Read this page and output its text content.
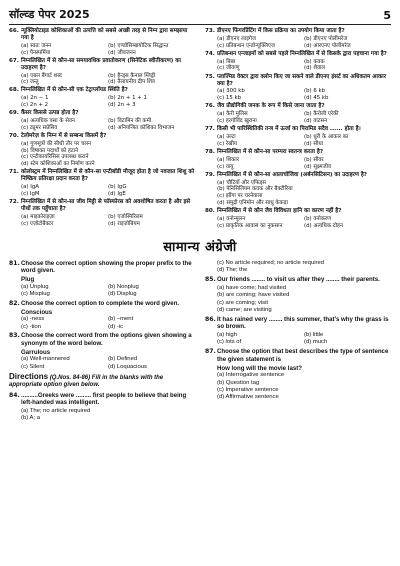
सॉल्व्ड पेपर 2025	5
66. न्यूक्लियोटाइड कोशिकाओं की उत्पत्ति को सबसे अच्छी तरह से निम्न द्वारा समझाया गया है
(a) स्वतः जनन	(b) एण्डोसिम्बायोटिक सिद्धान्त
(c) पैनस्पर्मिया	(d) जीवजनन
67. निम्नलिखित में से कौन-सा समयावधिक प्रवातोकरण (सिनेटिक स्वीतीकरण) का उदाहरण है?
(a) एबल बैंगार्ट शब्द	(b) हैन्ड्स कैनाल ग्लिड्री
(c) जन्तु	(d) तैलायनीय द्रीप शिव
68. निम्नलिखित में से कौन-सी एक टेट्राप्लॉयड स्थिति है?
(a) 2n − 1	(b) 2n + 1 + 1
(c) 2n + 2	(d) 2n + 3
69. कैंसर किससे उत्पन्न होता है?
(a) अत्यधिक वसा के सेवन	(b) विटामिन की कमी
(c) ट्यूमर सप्रेसिव	(d) अनियन्त्रित कोशिका विभाजन
70. टेलोमरेज़ के निम्न में से सम्बन्ध किसमें है?
(a) गुणसूत्रों की सीधी तौर पर चलन
(b) विषाक्त पदार्थों को हटाने
(c) एन्टीकायरिसिस उपलब्ध कराने
(d) स्टेम कोशिकाओं का निर्माण करने
71. कोलोस्ट्रम में निम्नलिखित में से कौन-सा एन्टीबॉडी मौजूद होता है जो नवजात शिशु को निष्क्रिय प्रतिरक्षा प्रदान करता है?
(a) IgA	(b) IgG
(c) IgM	(d) IgE
72. निम्नलिखित में से कौन-सा जीव मिट्टी से फॉस्फोरस को अवशोषित करता है और इसे पौधों तक पहुँचाता है?
(a) माइकोराइज़ा	(b) एजोस्पिरिलम
(c) एज़ोटोबैक्टर	(d) राइज़ोबियम
73. डीएनए फिंगरप्रिंटिंग में किस प्रक्रिया का उपयोग किया जाता है?
(a) डीएनए लाइगेज	(b) डीएनए पोलीमरेज
(c) प्रतिबन्धन एन्डोन्यूक्लिएज	(d) आरएनए पोलीमरेज
74. प्रतिबन्धन एन्जाइमों को सबसे पहले निम्नलिखित में से किसके द्वारा पहचाना गया है?
(a) बिबा	(b) कवक
(c) जीवाणु	(d) शैवाल
75. प्लाज्मिड वेक्टर द्वारा क्लोन किए जा सकने वाले डीएनए इंसर्ट का अधिकतम आकार क्या है?
(a) 300 kb	(b) 6 kb
(c) 15 kb	(d) 45 kb
76. जैव प्रौद्योगिकी जनक के रूप में किसे जाना जाता है?
(a) कैरी मुलिस	(b) कैरोली एरेकी
(c) हरगोविंद खुराना	(d) वाटसन
77. किसी भी पारिस्थितिकी तन्त्र में ऊर्जा का पिरामिड सदैव ...... होता है।
(a) उल्टा	(b) धुरी के आकार का
(c) रेखीय	(d) सीधा
78. निम्नलिखित में से कौन-सा परम्परा स्वतन्त्र करता है?
(a) शिकार	(b) सीवर
(c) वायु	(d) सूक्ष्मजीव
79. निम्नलिखित में से कौन-सा आलाचोजिवा (अर्बनसिटिसन) का उदाहरण है?
(a) चौटियों और एफिड्स
(b) पेनिसिलियम कवक और बैक्टीरिया
(c) झींगा पर चरनेवाला
(d) समुद्री एनिमोन और साधु केकड़ा
80. निम्नलिखित में से कौन जैव विविधता हानि का कारण नहीं है?
(a) वनोन्मूलन	(b) वनोकरण
(c) प्राकृतिक आवास का नुकसान	(d) अत्यधिक दोहन
सामान्य अंग्रेजी
81. Choose the correct option showing the proper prefix to the word given.
Plug
(a) Unplug	(b) Nonplug
(c) Misplug	(d) Displug
82. Choose the correct option to complete the word given.
Conscious
(a) -ness	(b) –ment
(c) -tion	(d) -ic
83. Choose the correct word from the options given showing a synonym of the word below.
Garrulous
(a) Well-mannered	(b) Defined
(c) Silent	(d) Loquacious
Directions (Q.Nos. 84-86) Fill in the blanks with the appropriate option given below.
84. ..........Greeks were ......... first people to believe that being left-handed was intelligent.
(a) The; no article required
(b) A; a
(c) No article required; no article required
(d) The; the
85. Our friends ........ to visit us after they ........ their parents.
(a) have come; had visited
(b) are coming; have visited
(c) are coming; visit
(d) came; are visiting
86. It has rained very ........ this summer, that’s why the grass is so brown.
(a) high	(b) little
(c) lots of	(d) much
87. Choose the option that best describes the type of sentence the given statement is
How long will the movie last?
(a) Interrogative sentence
(b) Question tag
(c) Imperative sentence
(d) Affirmative sentence
